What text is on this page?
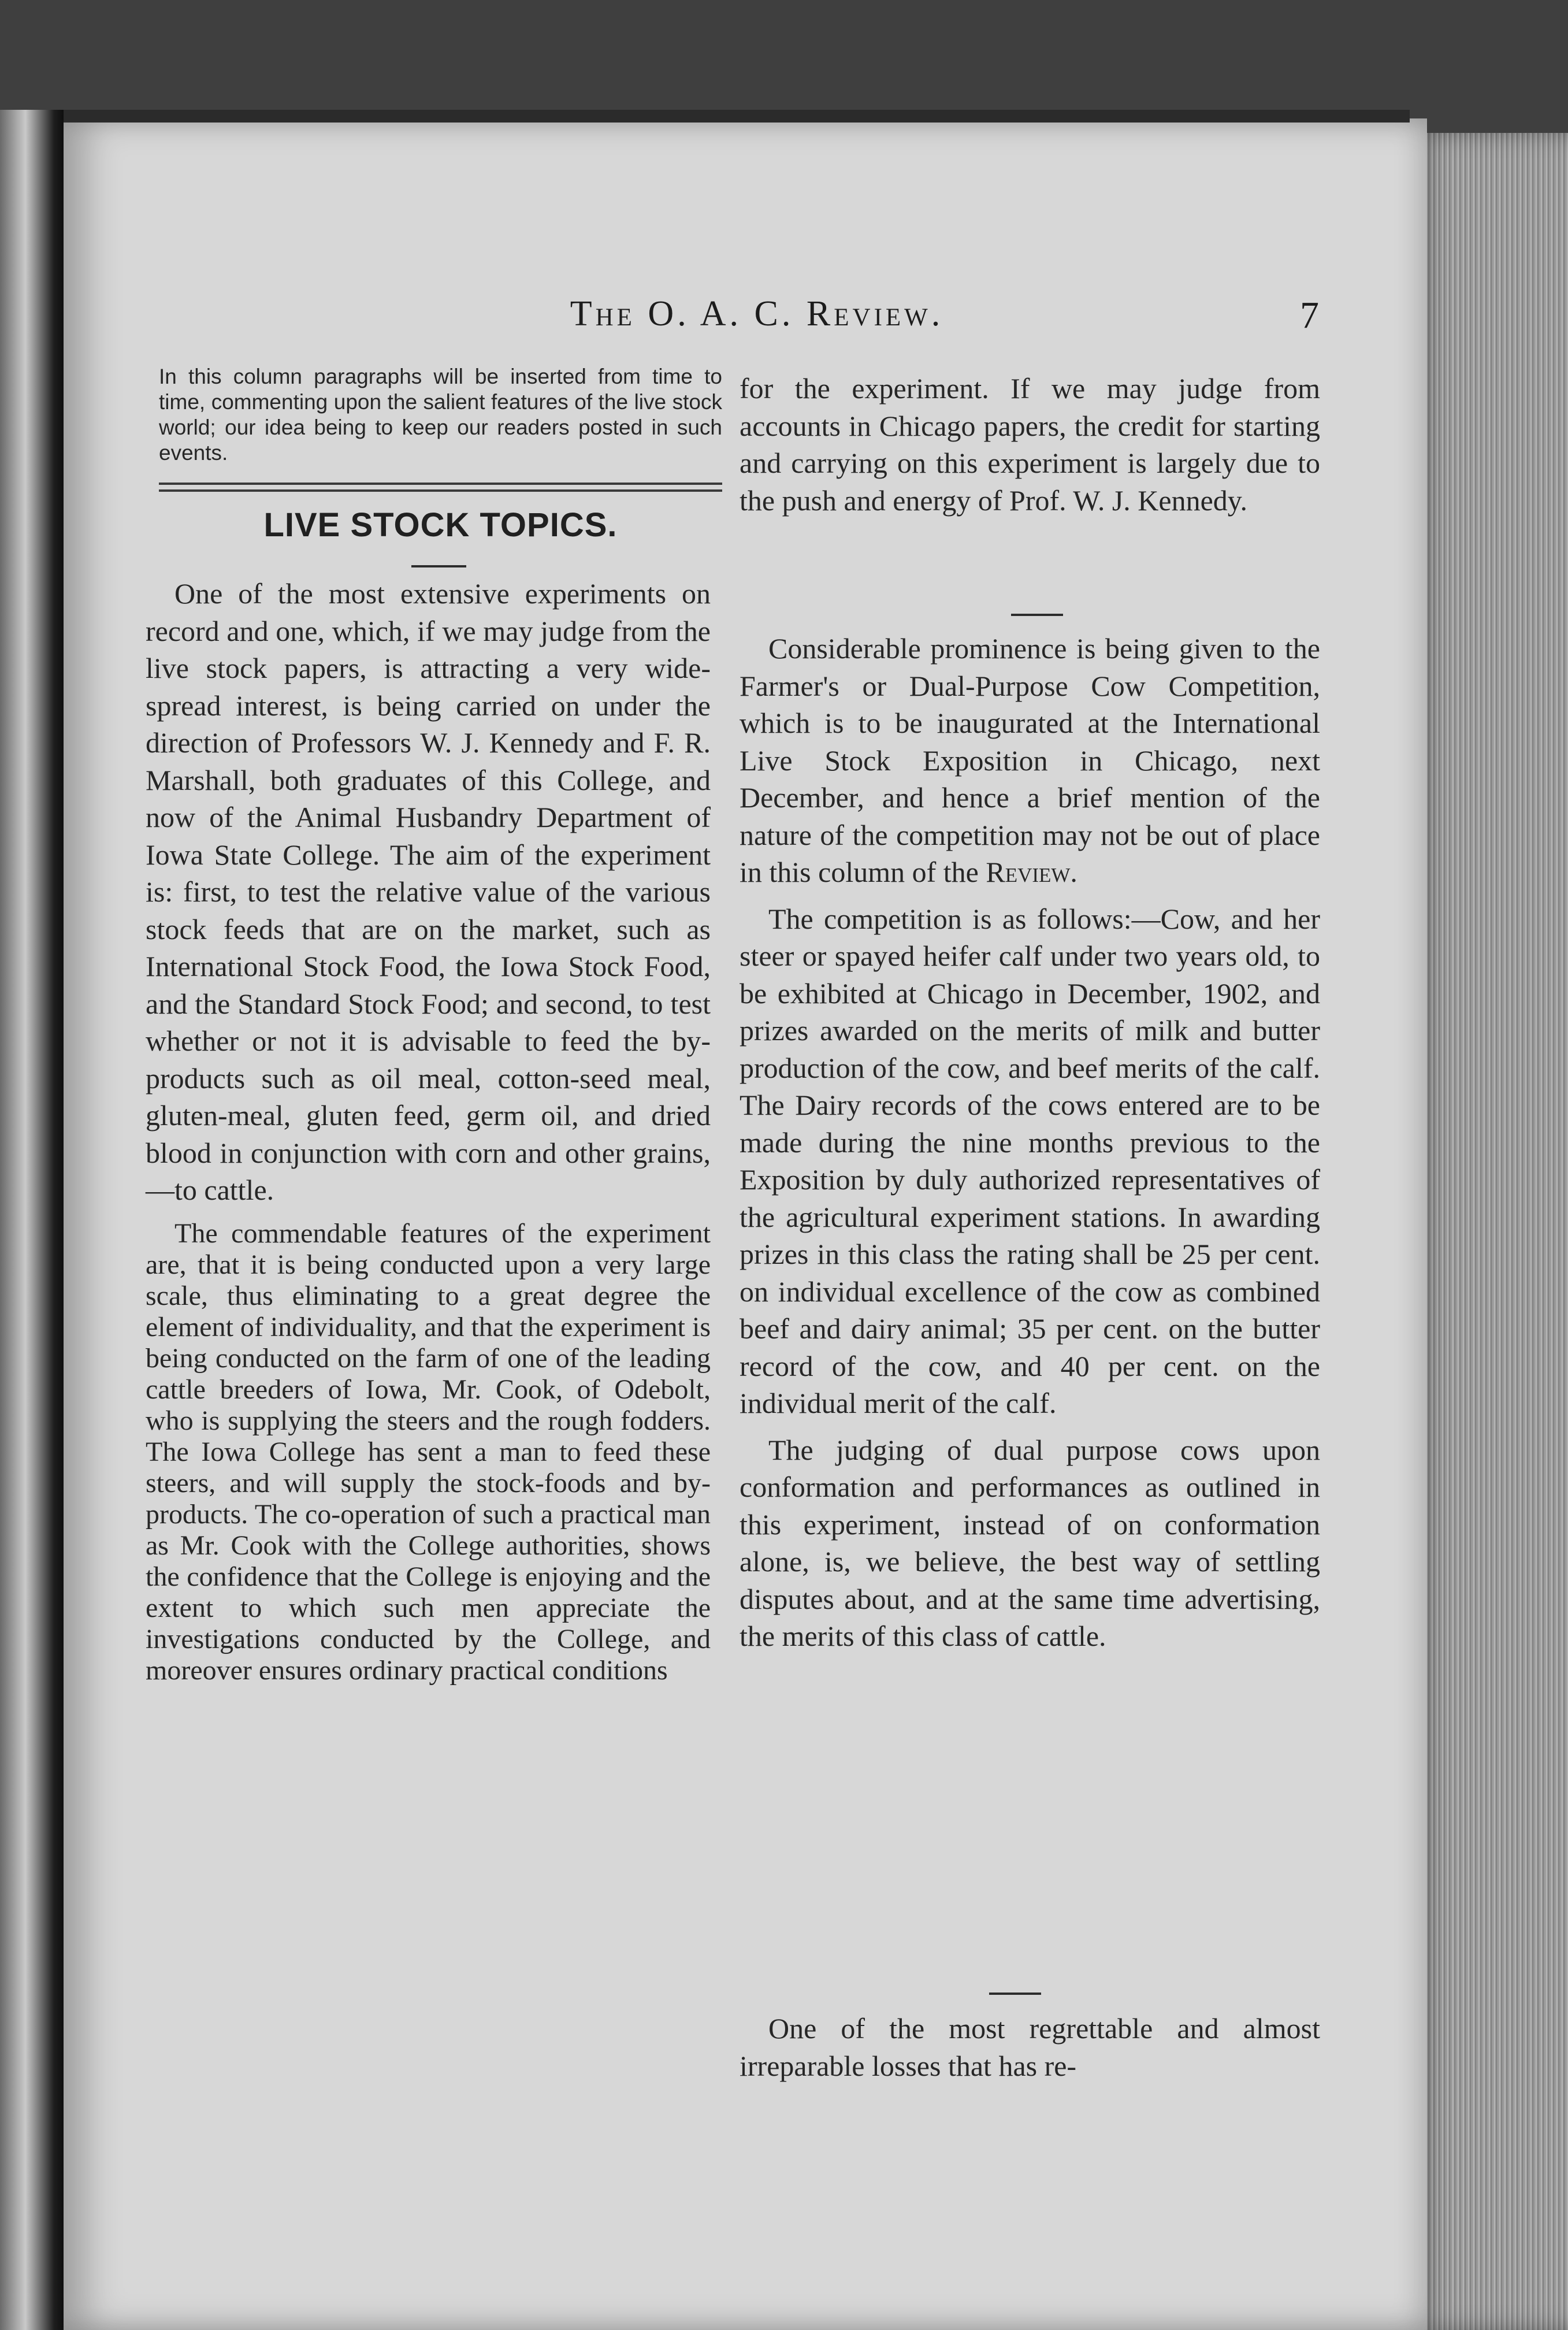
The O. A. C. Review.	7
In this column paragraphs will be inserted from time to time, commenting upon the salient features of the live stock world; our idea being to keep our readers posted in such events.
LIVE STOCK TOPICS.

One of the most extensive experiments on record and one, which, if we may judge from the live stock papers, is attracting a very wide-spread interest, is being carried on under the direction of Professors W. J. Kennedy and F. R. Marshall, both graduates of this College, and now of the Animal Husbandry Department of Iowa State College. The aim of the experiment is: first, to test the relative value of the various stock feeds that are on the market, such as International Stock Food, the Iowa Stock Food, and the Standard Stock Food; and second, to test whether or not it is advisable to feed the by-products such as oil meal, cotton-seed meal, gluten-meal, gluten feed, germ oil, and dried blood in conjunction with corn and other grains,—to cattle.

The commendable features of the experiment are, that it is being conducted upon a very large scale, thus eliminating to a great degree the element of individuality, and that the experiment is being conducted on the farm of one of the leading cattle breeders of Iowa, Mr. Cook, of Odebolt, who is supplying the steers and the rough fodders. The Iowa College has sent a man to feed these steers, and will supply the stock-foods and by-products. The co-operation of such a practical man as Mr. Cook with the College authorities, shows the confidence that the College is enjoying and the extent to which such men appreciate the investigations conducted by the College, and moreover ensures ordinary practical conditions

for the experiment. If we may judge from accounts in Chicago papers, the credit for starting and carrying on this experiment is largely due to the push and energy of Prof. W. J. Kennedy.

Considerable prominence is being given to the Farmer's or Dual-Purpose Cow Competition, which is to be inaugurated at the International Live Stock Exposition in Chicago, next December, and hence a brief mention of the nature of the competition may not be out of place in this column of the Review.

The competition is as follows:—Cow, and her steer or spayed heifer calf under two years old, to be exhibited at Chicago in December, 1902, and prizes awarded on the merits of milk and butter production of the cow, and beef merits of the calf. The Dairy records of the cows entered are to be made during the nine months previous to the Exposition by duly authorized representatives of the agricultural experiment stations. In awarding prizes in this class the rating shall be 25 per cent. on individual excellence of the cow as combined beef and dairy animal; 35 per cent. on the butter record of the cow, and 40 per cent. on the individual merit of the calf.

The judging of dual purpose cows upon conformation and performances as outlined in this experiment, instead of on conformation alone, is, we believe, the best way of settling disputes about, and at the same time advertising, the merits of this class of cattle.

One of the most regrettable and almost irreparable losses that has re-
